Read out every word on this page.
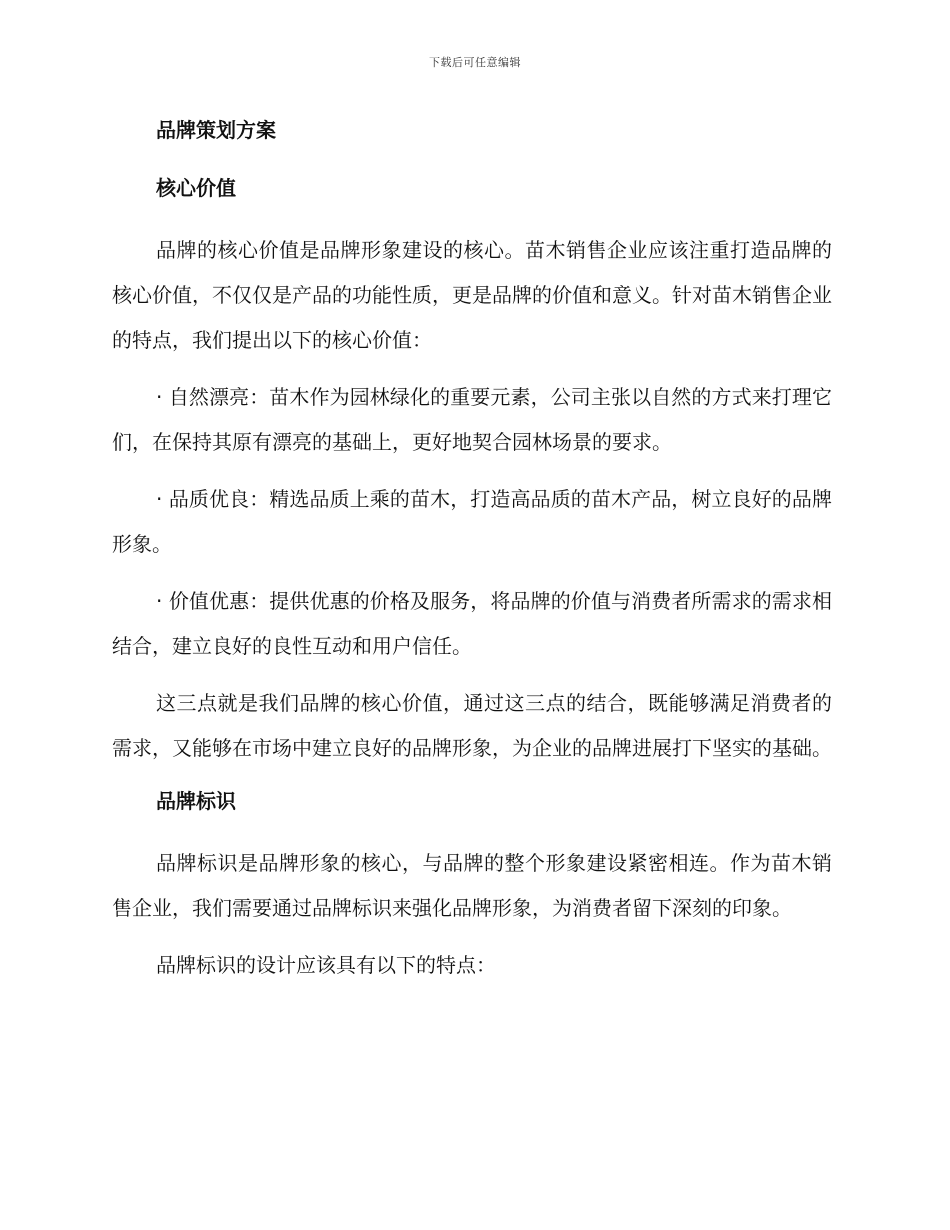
下载后可任意编辑
品牌策划方案
核心价值

品牌的核心价值是品牌形象建设的核心。苗木销售企业应该注重打造品牌的核心价值，不仅仅是产品的功能性质，更是品牌的价值和意义。针对苗木销售企业的特点，我们提出以下的核心价值：

· 自然漂亮：苗木作为园林绿化的重要元素，公司主张以自然的方式来打理它们，在保持其原有漂亮的基础上，更好地契合园林场景的要求。

· 品质优良：精选品质上乘的苗木，打造高品质的苗木产品，树立良好的品牌形象。

· 价值优惠：提供优惠的价格及服务，将品牌的价值与消费者所需求的需求相结合，建立良好的良性互动和用户信任。

这三点就是我们品牌的核心价值，通过这三点的结合，既能够满足消费者的需求，又能够在市场中建立良好的品牌形象，为企业的品牌进展打下坚实的基础。

品牌标识

品牌标识是品牌形象的核心，与品牌的整个形象建设紧密相连。作为苗木销售企业，我们需要通过品牌标识来强化品牌形象，为消费者留下深刻的印象。

品牌标识的设计应该具有以下的特点：
